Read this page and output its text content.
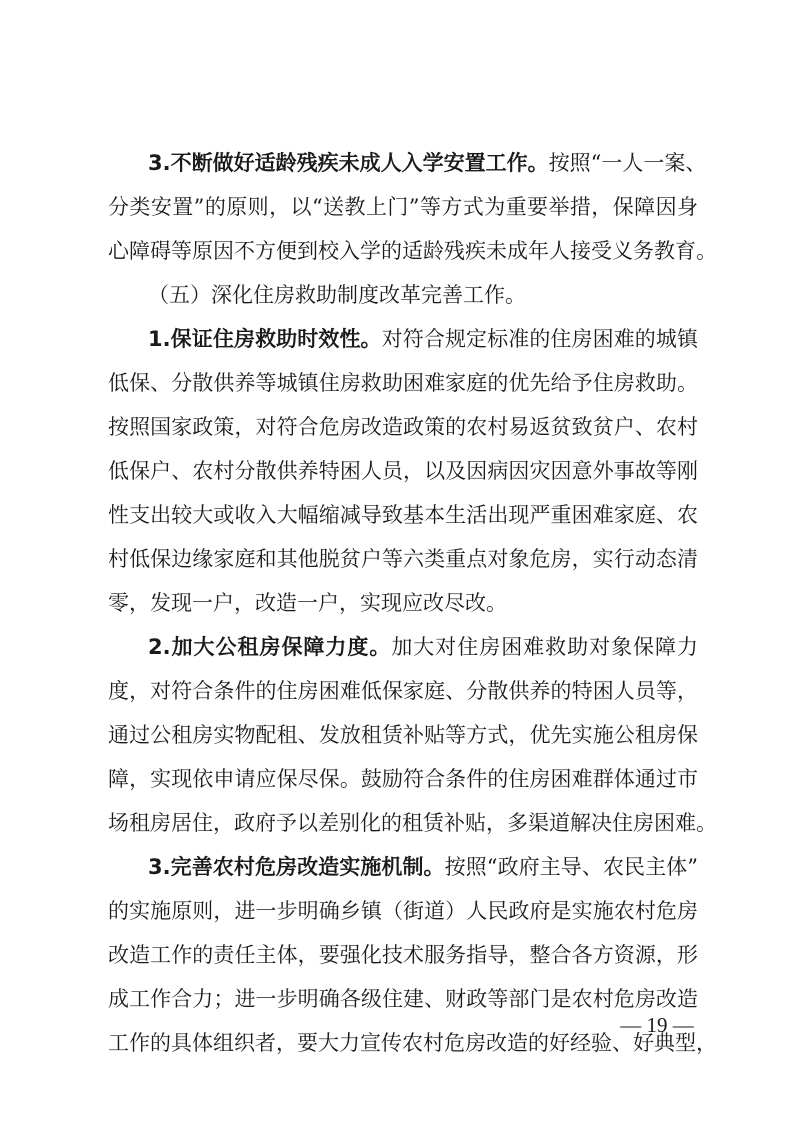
3.不断做好适龄残疾未成人入学安置工作。按照“一人一案、
分类安置”的原则，以“送教上门”等方式为重要举措，保障因身
心障碍等原因不方便到校入学的适龄残疾未成年人接受义务教育。
（五）深化住房救助制度改革完善工作。
1.保证住房救助时效性。对符合规定标准的住房困难的城镇
低保、分散供养等城镇住房救助困难家庭的优先给予住房救助。
按照国家政策，对符合危房改造政策的农村易返贫致贫户、农村
低保户、农村分散供养特困人员，以及因病因灾因意外事故等刚
性支出较大或收入大幅缩减导致基本生活出现严重困难家庭、农
村低保边缘家庭和其他脱贫户等六类重点对象危房，实行动态清
零，发现一户，改造一户，实现应改尽改。
2.加大公租房保障力度。加大对住房困难救助对象保障力
度，对符合条件的住房困难低保家庭、分散供养的特困人员等，
通过公租房实物配租、发放租赁补贴等方式，优先实施公租房保
障，实现依申请应保尽保。鼓励符合条件的住房困难群体通过市
场租房居住，政府予以差别化的租赁补贴，多渠道解决住房困难。
3.完善农村危房改造实施机制。按照“政府主导、农民主体”
的实施原则，进一步明确乡镇（街道）人民政府是实施农村危房
改造工作的责任主体，要强化技术服务指导，整合各方资源，形
成工作合力；进一步明确各级住建、财政等部门是农村危房改造
工作的具体组织者，要大力宣传农村危房改造的好经验、好典型，
— 19 —
